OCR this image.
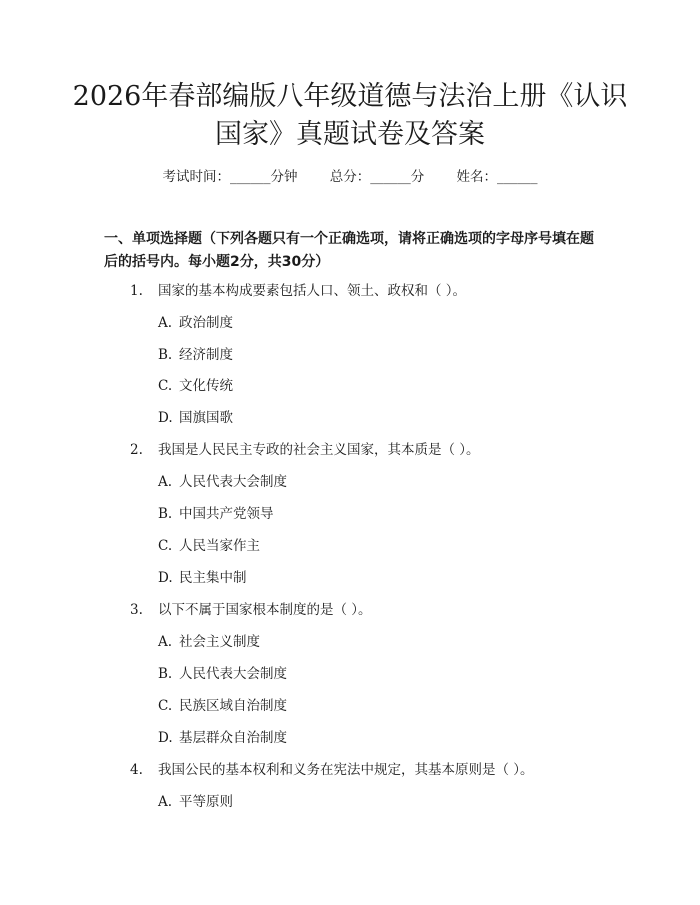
2026年春部编版八年级道德与法治上册《认识国家》真题试卷及答案
考试时间：______分钟 总分：______分 姓名：______
一、单项选择题（下列各题只有一个正确选项，请将正确选项的字母序号填在题后的括号内。每小题2分，共30分）
1. 国家的基本构成要素包括人口、领土、政权和（ ）。
A. 政治制度
B. 经济制度
C. 文化传统
D. 国旗国歌
2. 我国是人民民主专政的社会主义国家，其本质是（ ）。
A. 人民代表大会制度
B. 中国共产党领导
C. 人民当家作主
D. 民主集中制
3. 以下不属于国家根本制度的是（ ）。
A. 社会主义制度
B. 人民代表大会制度
C. 民族区域自治制度
D. 基层群众自治制度
4. 我国公民的基本权利和义务在宪法中规定，其基本原则是（ ）。
A. 平等原则
